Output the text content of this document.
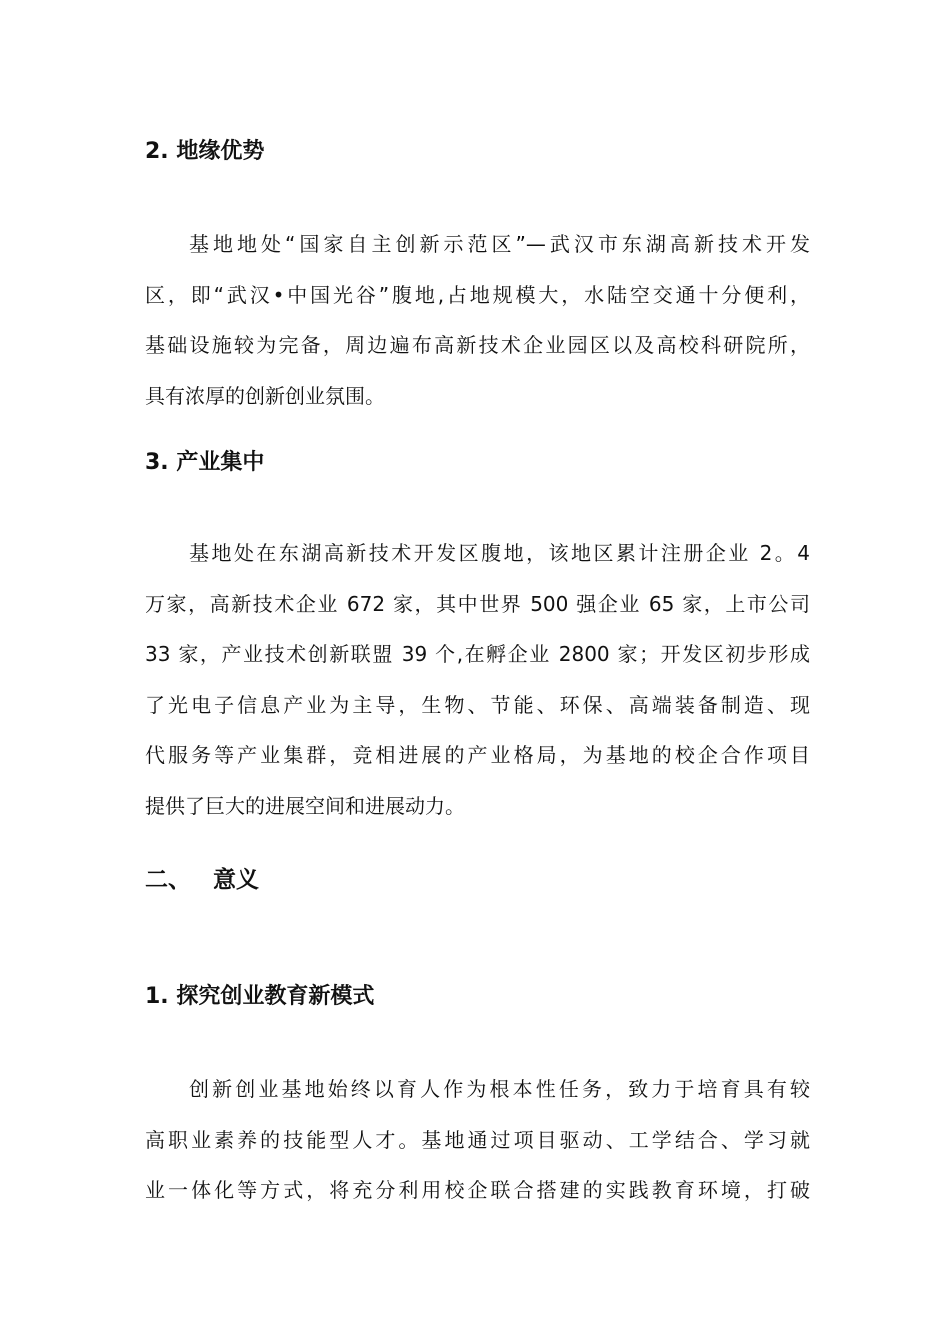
2. 地缘优势
基地地处“国家自主创新示范区”—武汉市东湖高新技术开发
区，即“武汉•中国光谷”腹地,占地规模大，水陆空交通十分便利，
基础设施较为完备，周边遍布高新技术企业园区以及高校科研院所，
具有浓厚的创新创业氛围。
3. 产业集中
基地处在东湖高新技术开发区腹地，该地区累计注册企业 2。4
万家，高新技术企业 672 家，其中世界 500 强企业 65 家，上市公司
33 家，产业技术创新联盟 39 个,在孵企业 2800 家；开发区初步形成
了光电子信息产业为主导，生物、节能、环保、高端装备制造、现
代服务等产业集群，竞相进展的产业格局，为基地的校企合作项目
提供了巨大的进展空间和进展动力。
二、 意义
1. 探究创业教育新模式
创新创业基地始终以育人作为根本性任务，致力于培育具有较
高职业素养的技能型人才。基地通过项目驱动、工学结合、学习就
业一体化等方式，将充分利用校企联合搭建的实践教育环境，打破
